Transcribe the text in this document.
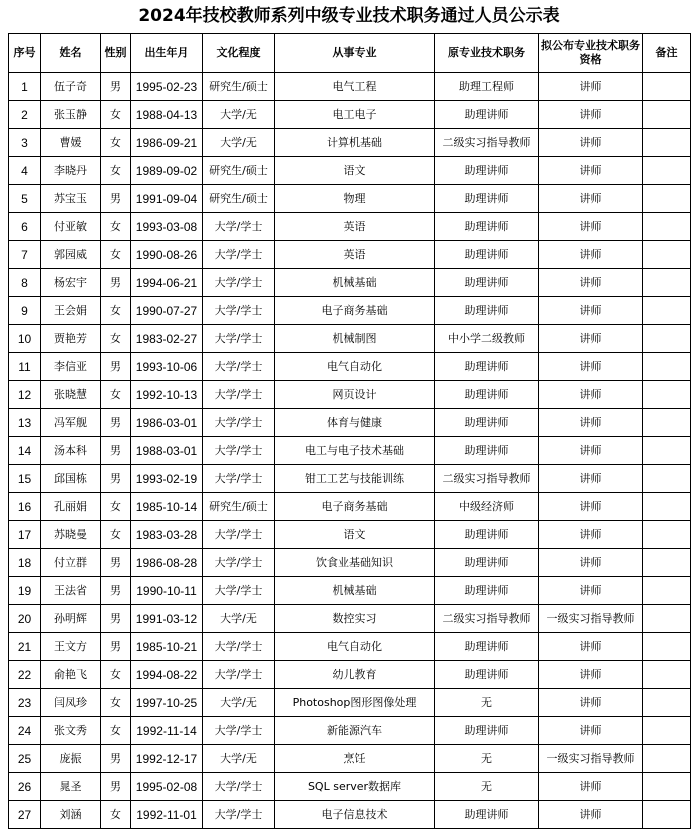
2024年技校教师系列中级专业技术职务通过人员公示表
序号	姓名	性别	出生年月	文化程度	从事专业	原专业技术职务	拟公布专业技术职务资格	备注
1	伍子奇	男	1995-02-23	研究生/硕士	电气工程	助理工程师	讲师	
2	张玉静	女	1988-04-13	大学/无	电工电子	助理讲师	讲师	
3	曹媛	女	1986-09-21	大学/无	计算机基础	二级实习指导教师	讲师	
4	李晓丹	女	1989-09-02	研究生/硕士	语文	助理讲师	讲师	
5	苏宝玉	男	1991-09-04	研究生/硕士	物理	助理讲师	讲师	
6	付亚敏	女	1993-03-08	大学/学士	英语	助理讲师	讲师	
7	郭园威	女	1990-08-26	大学/学士	英语	助理讲师	讲师	
8	杨宏宇	男	1994-06-21	大学/学士	机械基础	助理讲师	讲师	
9	王会娟	女	1990-07-27	大学/学士	电子商务基础	助理讲师	讲师	
10	贾艳芳	女	1983-02-27	大学/学士	机械制图	中小学二级教师	讲师	
11	李信亚	男	1993-10-06	大学/学士	电气自动化	助理讲师	讲师	
12	张晓慧	女	1992-10-13	大学/学士	网页设计	助理讲师	讲师	
13	冯军舰	男	1986-03-01	大学/学士	体育与健康	助理讲师	讲师	
14	汤本科	男	1988-03-01	大学/学士	电工与电子技术基础	助理讲师	讲师	
15	邱国栋	男	1993-02-19	大学/学士	钳工工艺与技能训练	二级实习指导教师	讲师	
16	孔丽娟	女	1985-10-14	研究生/硕士	电子商务基础	中级经济师	讲师	
17	苏晓曼	女	1983-03-28	大学/学士	语文	助理讲师	讲师	
18	付立群	男	1986-08-28	大学/学士	饮食业基础知识	助理讲师	讲师	
19	王法省	男	1990-10-11	大学/学士	机械基础	助理讲师	讲师	
20	孙明辉	男	1991-03-12	大学/无	数控实习	二级实习指导教师	一级实习指导教师	
21	王文方	男	1985-10-21	大学/学士	电气自动化	助理讲师	讲师	
22	俞艳飞	女	1994-08-22	大学/学士	幼儿教育	助理讲师	讲师	
23	闫凤珍	女	1997-10-25	大学/无	Photoshop图形图像处理	无	讲师	
24	张文秀	女	1992-11-14	大学/学士	新能源汽车	助理讲师	讲师	
25	庞振	男	1992-12-17	大学/无	烹饪	无	一级实习指导教师	
26	晁圣	男	1995-02-08	大学/学士	SQL server数据库	无	讲师	
27	刘涵	女	1992-11-01	大学/学士	电子信息技术	助理讲师	讲师	
